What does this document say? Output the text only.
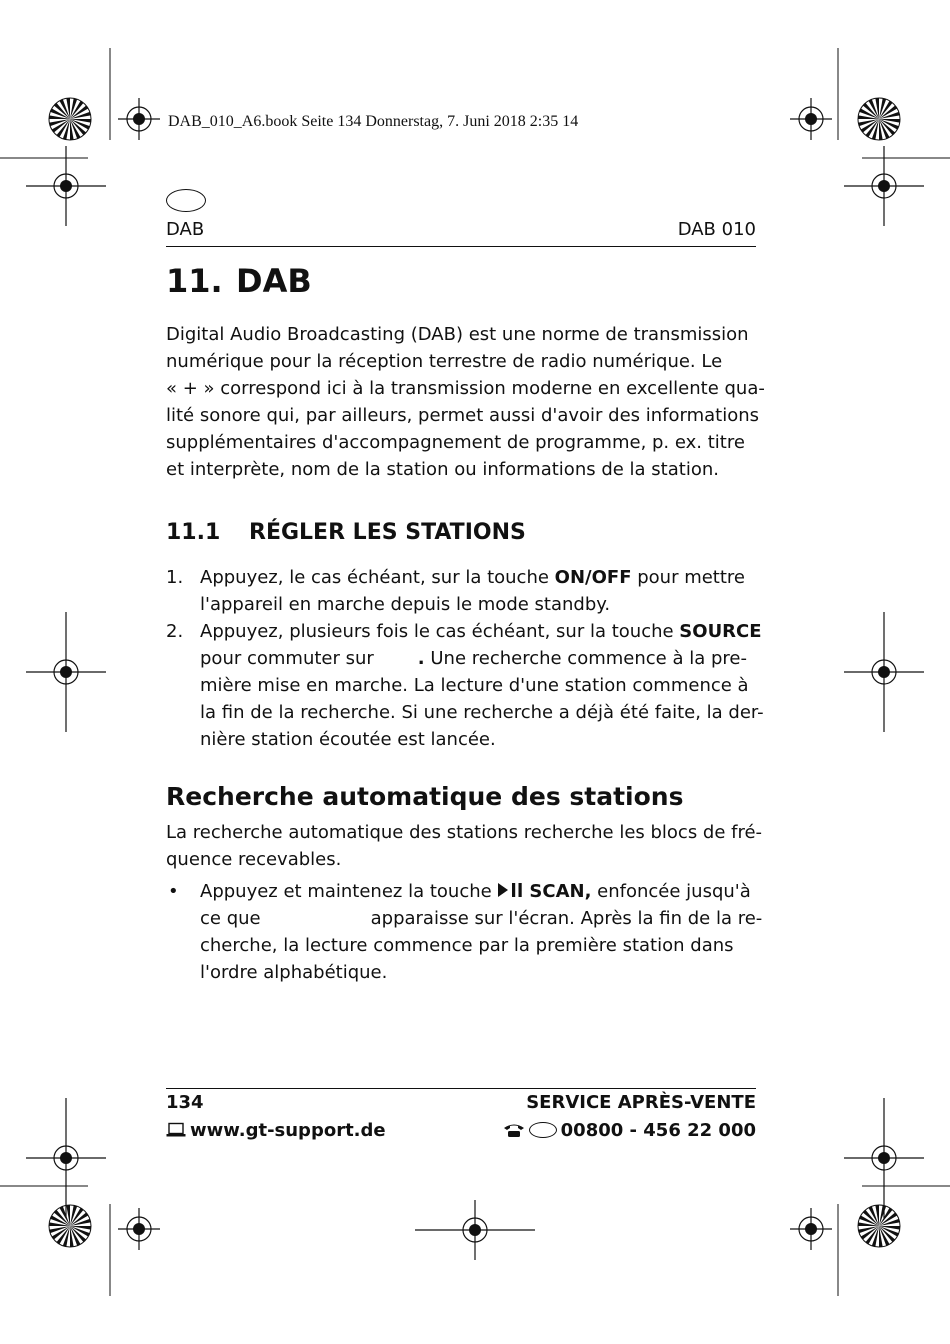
DAB_010_A6.book Seite 134 Donnerstag, 7. Juni 2018 2:35 14
DAB	DAB 010
11. DAB
Digital Audio Broadcasting (DAB) est une norme de transmission
numérique pour la réception terrestre de radio numérique. Le
« + » correspond ici à la transmission moderne en excellente qua-
lité sonore qui, par ailleurs, permet aussi d'avoir des informations
supplémentaires d'accompagnement de programme, p. ex. titre
et interprète, nom de la station ou informations de la station.
11.1 RÉGLER LES STATIONS
1. Appuyez, le cas échéant, sur la touche ON/OFF pour mettre
l'appareil en marche depuis le mode standby.
2. Appuyez, plusieurs fois le cas échéant, sur la touche SOURCE
pour commuter sur . Une recherche commence à la pre-
mière mise en marche. La lecture d'une station commence à
la fin de la recherche. Si une recherche a déjà été faite, la der-
nière station écoutée est lancée.
Recherche automatique des stations
La recherche automatique des stations recherche les blocs de fré-
quence recevables.
• Appuyez et maintenez la touche SCAN, enfoncée jusqu'à
ce que	apparaisse sur l'écran. Après la fin de la re-
cherche, la lecture commence par la première station dans
l'ordre alphabétique.
134	SERVICE APRÈS-VENTE
www.gt-support.de	00800 - 456 22 000
